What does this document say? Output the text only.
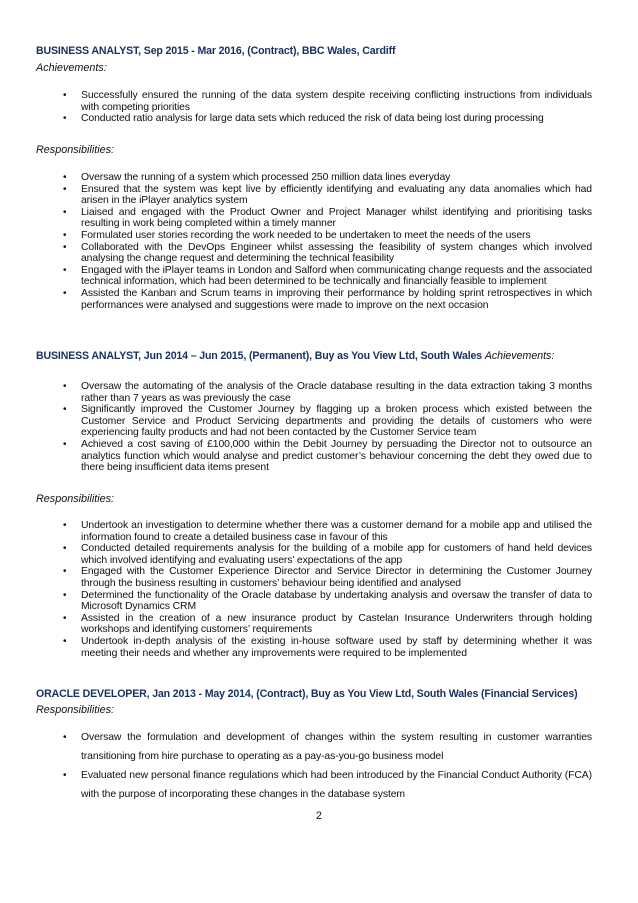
BUSINESS ANALYST, Sep 2015 - Mar 2016, (Contract), BBC Wales, Cardiff
Achievements:
• Successfully ensured the running of the data system despite receiving conflicting instructions from individuals with competing priorities
• Conducted ratio analysis for large data sets which reduced the risk of data being lost during processing
Responsibilities:
• Oversaw the running of a system which processed 250 million data lines everyday
• Ensured that the system was kept live by efficiently identifying and evaluating any data anomalies which had arisen in the iPlayer analytics system
• Liaised and engaged with the Product Owner and Project Manager whilst identifying and prioritising tasks resulting in work being completed within a timely manner
• Formulated user stories recording the work needed to be undertaken to meet the needs of the users
• Collaborated with the DevOps Engineer whilst assessing the feasibility of system changes which involved analysing the change request and determining the technical feasibility
• Engaged with the iPlayer teams in London and Salford when communicating change requests and the associated technical information, which had been determined to be technically and financially feasible to implement
• Assisted the Kanban and Scrum teams in improving their performance by holding sprint retrospectives in which performances were analysed and suggestions were made to improve on the next occasion
BUSINESS ANALYST, Jun 2014 – Jun 2015, (Permanent), Buy as You View Ltd, South Wales Achievements:
• Oversaw the automating of the analysis of the Oracle database resulting in the data extraction taking 3 months rather than 7 years as was previously the case
• Significantly improved the Customer Journey by flagging up a broken process which existed between the Customer Service and Product Servicing departments and providing the details of customers who were experiencing faulty products and had not been contacted by the Customer Service team
• Achieved a cost saving of £100,000 within the Debit Journey by persuading the Director not to outsource an analytics function which would analyse and predict customer’s behaviour concerning the debt they owed due to there being insufficient data items present
Responsibilities:
• Undertook an investigation to determine whether there was a customer demand for a mobile app and utilised the information found to create a detailed business case in favour of this
• Conducted detailed requirements analysis for the building of a mobile app for customers of hand held devices which involved identifying and evaluating users’ expectations of the app
• Engaged with the Customer Experience Director and Service Director in determining the Customer Journey through the business resulting in customers’ behaviour being identified and analysed
• Determined the functionality of the Oracle database by undertaking analysis and oversaw the transfer of data to Microsoft Dynamics CRM
• Assisted in the creation of a new insurance product by Castelan Insurance Underwriters through holding workshops and identifying customers’ requirements
• Undertook in-depth analysis of the existing in-house software used by staff by determining whether it was meeting their needs and whether any improvements were required to be implemented
ORACLE DEVELOPER, Jan 2013 - May 2014, (Contract), Buy as You View Ltd, South Wales (Financial Services)
Responsibilities:
• Oversaw the formulation and development of changes within the system resulting in customer warranties transitioning from hire purchase to operating as a pay-as-you-go business model
• Evaluated new personal finance regulations which had been introduced by the Financial Conduct Authority (FCA) with the purpose of incorporating these changes in the database system
2
